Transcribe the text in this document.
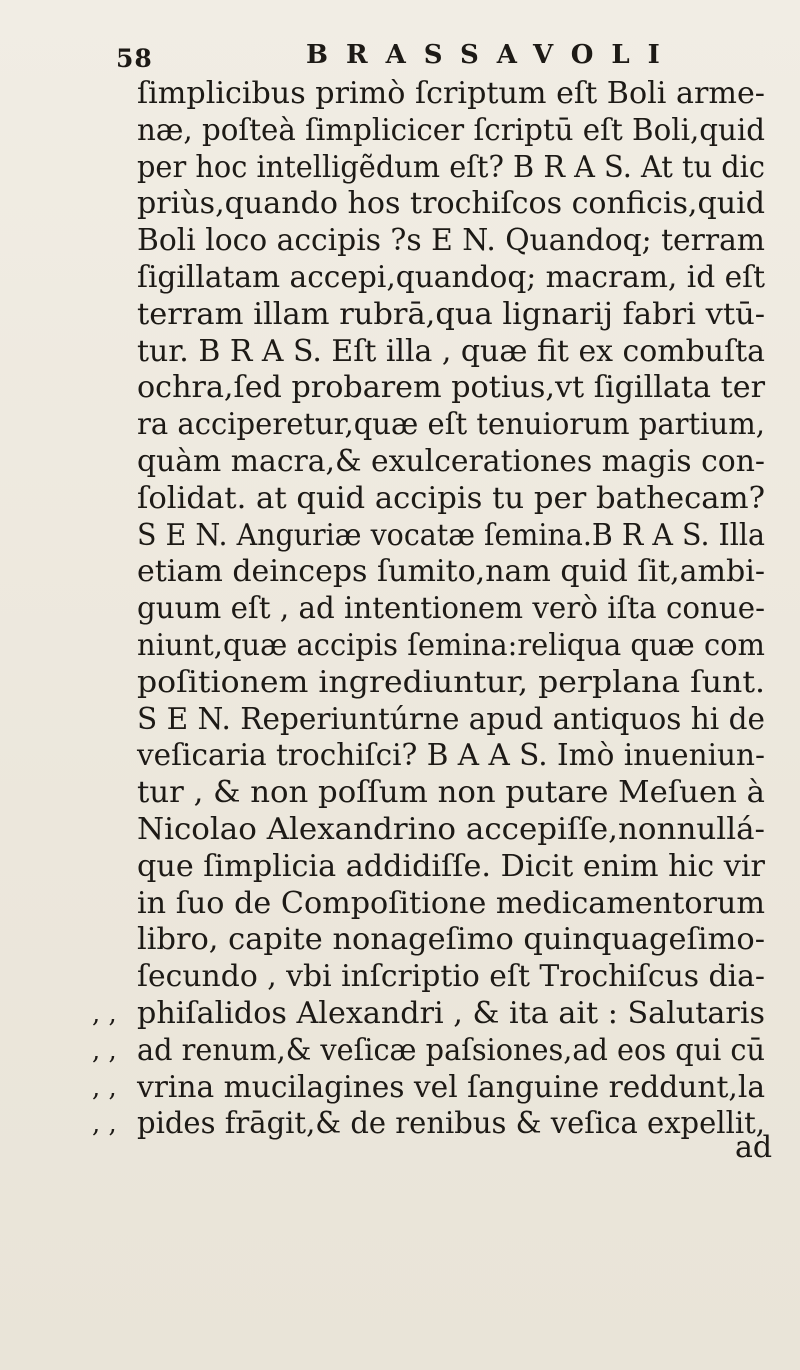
58	BRASSAVOLI
ſimplicibus primò ſcriptum eſt Boli arme-
næ, poſteà ſimplicicer ſcriptū eſt Boli,quid
per hoc intelligẽdum eſt? B R A S. At tu dic
priùs,quando hos trochiſcos conficis,quid
Boli loco accipis ?s E N. Quandoq; terram
ſigillatam accepi,quandoq; macram, id eſt
terram illam rubrā,qua lignarij fabri vtū-
tur. B R A S. Eſt illa , quæ fit ex combuſta
ochra,ſed probarem potius,vt ſigillata ter
ra acciperetur,quæ eſt tenuiorum partium,
quàm macra,& exulcerationes magis con-
ſolidat. at quid accipis tu per bathecam?
S E N. Anguriæ vocatæ ſemina.B R A S. Illa
etiam deinceps ſumito,nam quid ſit,ambi-
guum eſt , ad intentionem verò iſta conue-
niunt,quæ accipis ſemina:reliqua quæ com
poſitionem ingrediuntur, perplana ſunt.
S E N. Reperiuntúrne apud antiquos hi de
veſicaria trochiſci? B A A S. Imò inueniun-
tur , & non poſſum non putare Meſuen à
Nicolao Alexandrino accepiſſe,nonnullá-
que ſimplicia addidiſſe. Dicit enim hic vir
in ſuo de Compoſitione medicamentorum
libro, capite nonageſimo quinquageſimo-
ſecundo , vbi inſcriptio eſt Trochiſcus dia-
, , phiſalidos Alexandri , & ita ait : Salutaris
, , ad renum,& veſicæ paſsiones,ad eos qui cū
, , vrina mucilagines vel ſanguine reddunt,la
, , pides frāgit,& de renibus & veſica expellit,
ad
